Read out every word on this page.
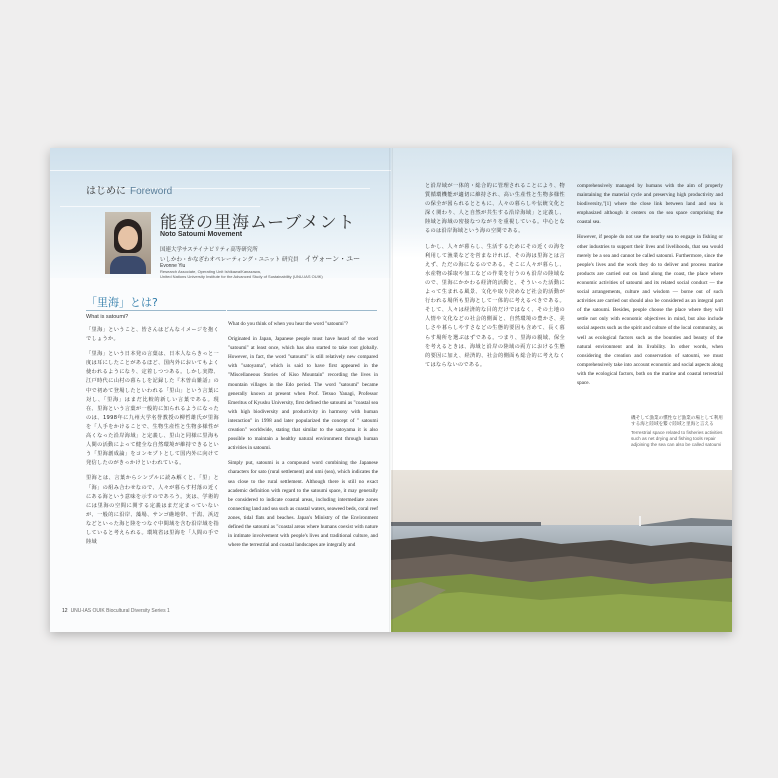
はじめに Foreword
能登の里海ムーブメント
Noto Satoumi Movement
国連大学サステイナビリティ高等研究所
いしかわ・かなざわオペレーティング・ユニット 研究員 イヴォーン・ユー
Evonne Yiu
Research Associate, Operating Unit Ishikawa/Kanazawa,
United Nations University Institute for the Advanced Study of Sustainability (UNU-IAS OUIK)
「里海」とは?
What is satoumi?

「里海」ということ、皆さんはどんなイメージを抱くでしょうか。

「里海」という日本発の言葉は、日本人ならきっと一度は耳にしたことがあるほど、国内外においてもよく使われるようになり、定着しつつある。しかし実際、江戸時代に山村の暮らしを記録した『木曽山雑話』の中で初めて登場したといわれる「里山」という言葉に対し、「里海」はまだ比較的新しい言葉である。現在、里海という言葉が一般的に知られるようになったのは、1998年に九州大学名誉教授の柳哲雄氏が里海を「人手をかけることで、生物生産性と生物多様性が高くなった沿岸海域」と定義し、里山と同様に里海も人間の活動によって健全な自然環境が維持できるという「里海創成論」をコンセプトとして国内外に向けて発信したのがきっかけといわれている。

里海とは、言葉からシンプルに読み解くと、「里」と「海」の組み合わせなので、人々が暮らす村落の近くにある海という意味を示すのであろう。実は、学術的には里海の空間に関する定義はまだ定まっていないが、一般的に沿岸、藻場、サンゴ礁地帯、干潟、浜辺などといった海と陸をつなぐ中間域を含む沿岸域を指していると考えられる。環境省は里海を「人間の手で陸域

What do you think of when you hear the word "satoumi"?

Originated in Japan, Japanese people must have heard of the word "satoumi" at least once, which has also started to take root globally. However, in fact, the word "satoumi" is still relatively new compared with "satoyama", which is said to have first appeared in the "Miscellaneous Stories of Kiso Mountain" recording the lives in mountain villages in the Edo period. The word "satoumi" became generally known at present when Prof. Tetsuo Yanagi, Professor Emeritus of Kyushu University, first defined the satoumi as "coastal sea with high biodiversity and productivity in harmony with human interaction" in 1998 and later popularized the concept of " satoumi creation" worldwide, stating that similar to the satoyama it is also possible to maintain a healthy natural environment through human activities in satoumi.

Simply put, satoumi is a compound word combining the Japanese characters for sato (rural settlement) and umi (sea), which indicates the sea close to the rural settlement. Although there is still no exact academic definition with regard to the satoumi space, it may generally be considered to indicate coastal areas, including intermediate zones connecting land and sea such as coastal waters, seaweed beds, coral reef zones, tidal flats and beaches. Japan's Ministry of the Environment defined the satoumi as "coastal areas where humans coexist with nature in intimate involvement with people's lives and traditional culture, and where the terrestrial and coastal landscapes are integrally and

12 UNU-IAS OUIK Biocultural Diversity Series 1

と沿岸域が一体的・総合的に管理されることにより、物質循環機能が適切に維持され、高い生産性と生物多様性の保全が図られるとともに、人々の暮らしや伝統文化と深く関わり、人と自然が共生する沿岸海域」と定義し、陸域と海域の密接なつながりを重視している。中心となるのは沿岸海域という海の空間である。

しかし、人々が暮らし、生活するためにその近くの海を利用して漁業などを営まなければ、その海は里海とは言えず、ただの海になるのである。そこに人々が暮らし、水産物の採取や加工などの作業を行うのも沿岸の陸域なので、里海にかかわる経済的活動と、そういった活動によって生まれる風景、文化や取り決めなど社会的活動が行われる場所も里海として一体的に考えるべきである。そして、人々は経済的な目的だけではなく、その土地の人情や文化などの社会的側面と、自然環境の豊かさ、美しさや暮らしやすさなどの生態的要因も含めて、長く暮らす場所を選ぶはずである。つまり、里海の親域、保全を考えるときは、海域と沿岸の陸域の両方における生態的要因に加え、経済的、社会的側面も総合的に考えなくてはならないのである。

comprehensively managed by humans with the aim of properly maintaining the material cycle and preserving high productivity and biodiversity,"[1] where the close link between land and sea is emphasized although it centers on the sea space comprising the coastal sea.

However, if people do not use the nearby sea to engage in fishing or other industries to support their lives and livelihoods, that sea would merely be a sea and cannot be called satoumi. Furthermore, since the people's lives and the work they do to deliver and process marine products are carried out on land along the coast, the place where economic activities of satoumi and its related social conduct — the social arrangements, culture and wisdom — borne out of such activities are carried out should also be considered as an integral part of the satoumi. Besides, people choose the place where they will settle not only with economic objectives in mind, but also include social aspects such as the spirit and culture of the local community, as well as ecological factors such as the bounties and beauty of the natural environment and its livability. In other words, when considering the creation and conservation of satoumi, we must comprehensively take into account economic and social aspects along with the ecological factors, both on the marine and coastal terrestrial space.

磯そして漁業の慣性など漁業の場として利用する海と陸域を繋ぐ陸域と里海と言える
Terrestrial space related to fisheries activities such as net drying and fishing tools repair adjoining the sea can also be called satoumi
